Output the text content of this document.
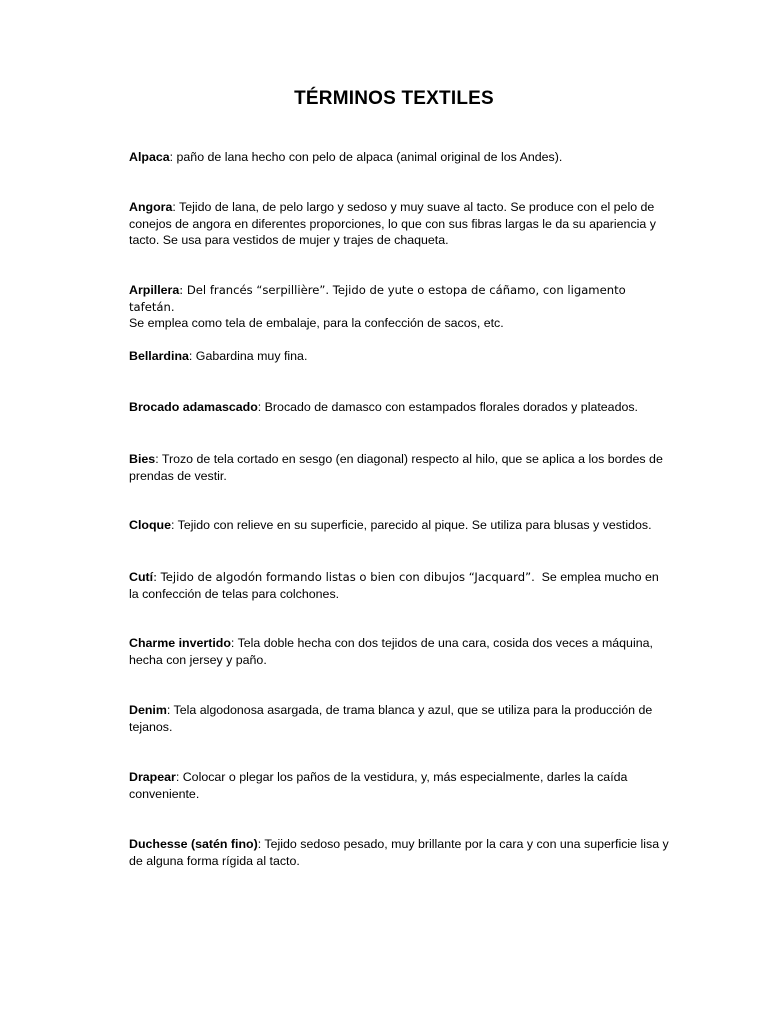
TÉRMINOS TEXTILES
Alpaca: paño de lana hecho con pelo de alpaca (animal original de los Andes).
Angora: Tejido de lana, de pelo largo y sedoso y muy suave al tacto. Se produce con el pelo de conejos de angora en diferentes proporciones, lo que con sus fibras largas le da su apariencia y tacto. Se usa para vestidos de mujer y trajes de chaqueta.
Arpillera: Del francés “serpillière”. Tejido de yute o estopa de cáñamo, con ligamento tafetán.
Se emplea como tela de embalaje, para la confección de sacos, etc.
Bellardina: Gabardina muy fina.
Brocado adamascado: Brocado de damasco con estampados florales dorados y plateados.
Bies: Trozo de tela cortado en sesgo (en diagonal) respecto al hilo, que se aplica a los bordes de prendas de vestir.
Cloque: Tejido con relieve en su superficie, parecido al pique. Se utiliza para blusas y vestidos.
Cutí: Tejido de algodón formando listas o bien con dibujos “Jacquard”.  Se emplea mucho en la confección de telas para colchones.
Charme invertido: Tela doble hecha con dos tejidos de una cara, cosida dos veces a máquina, hecha con jersey y paño.
Denim: Tela algodonosa asargada, de trama blanca y azul, que se utiliza para la producción de tejanos.
Drapear: Colocar o plegar los paños de la vestidura, y, más especialmente, darles la caída conveniente.
Duchesse (satén fino): Tejido sedoso pesado, muy brillante por la cara y con una superficie lisa y de alguna forma rígida al tacto.
